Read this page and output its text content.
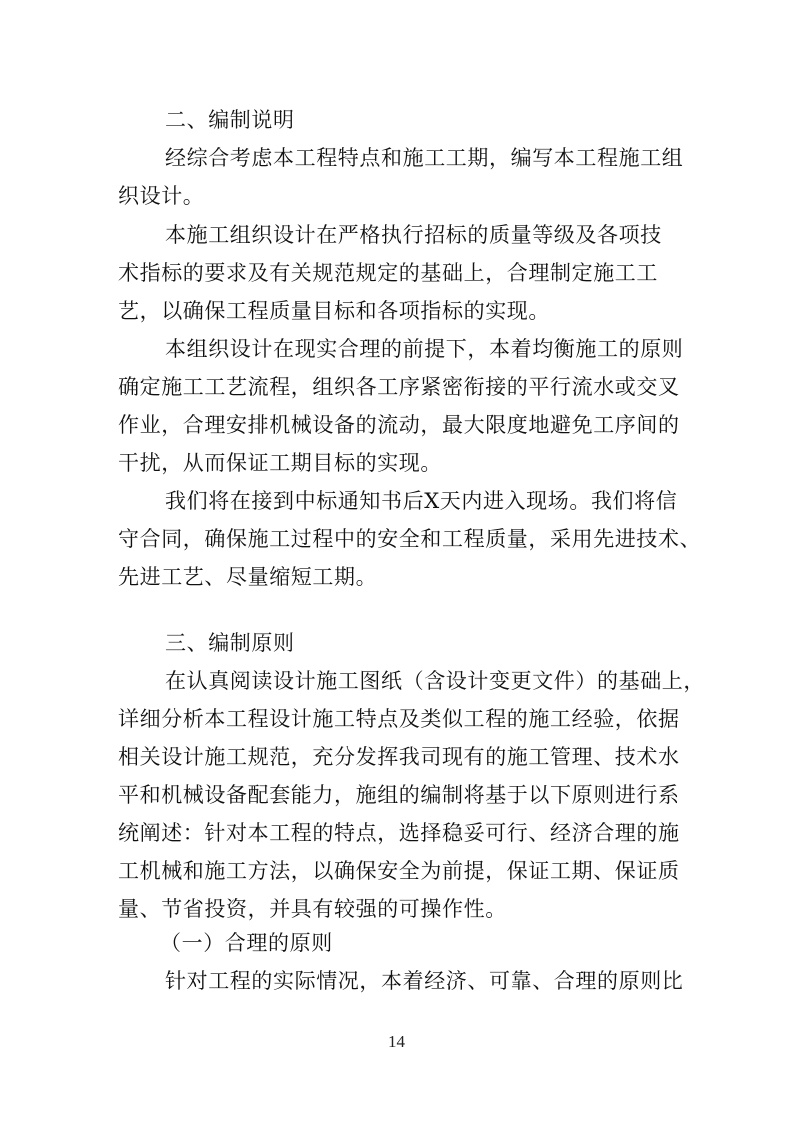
二、编制说明
经综合考虑本工程特点和施工工期，编写本工程施工组
织设计。
本施工组织设计在严格执行招标的质量等级及各项技
术指标的要求及有关规范规定的基础上，合理制定施工工
艺，以确保工程质量目标和各项指标的实现。
本组织设计在现实合理的前提下，本着均衡施工的原则
确定施工工艺流程，组织各工序紧密衔接的平行流水或交叉
作业，合理安排机械设备的流动，最大限度地避免工序间的
干扰，从而保证工期目标的实现。
我们将在接到中标通知书后X天内进入现场。我们将信
守合同，确保施工过程中的安全和工程质量，采用先进技术、
先进工艺、尽量缩短工期。
三、编制原则
在认真阅读设计施工图纸（含设计变更文件）的基础上，
详细分析本工程设计施工特点及类似工程的施工经验，依据
相关设计施工规范，充分发挥我司现有的施工管理、技术水
平和机械设备配套能力，施组的编制将基于以下原则进行系
统阐述：针对本工程的特点，选择稳妥可行、经济合理的施
工机械和施工方法，以确保安全为前提，保证工期、保证质
量、节省投资，并具有较强的可操作性。
（一）合理的原则
针对工程的实际情况，本着经济、可靠、合理的原则比
14
